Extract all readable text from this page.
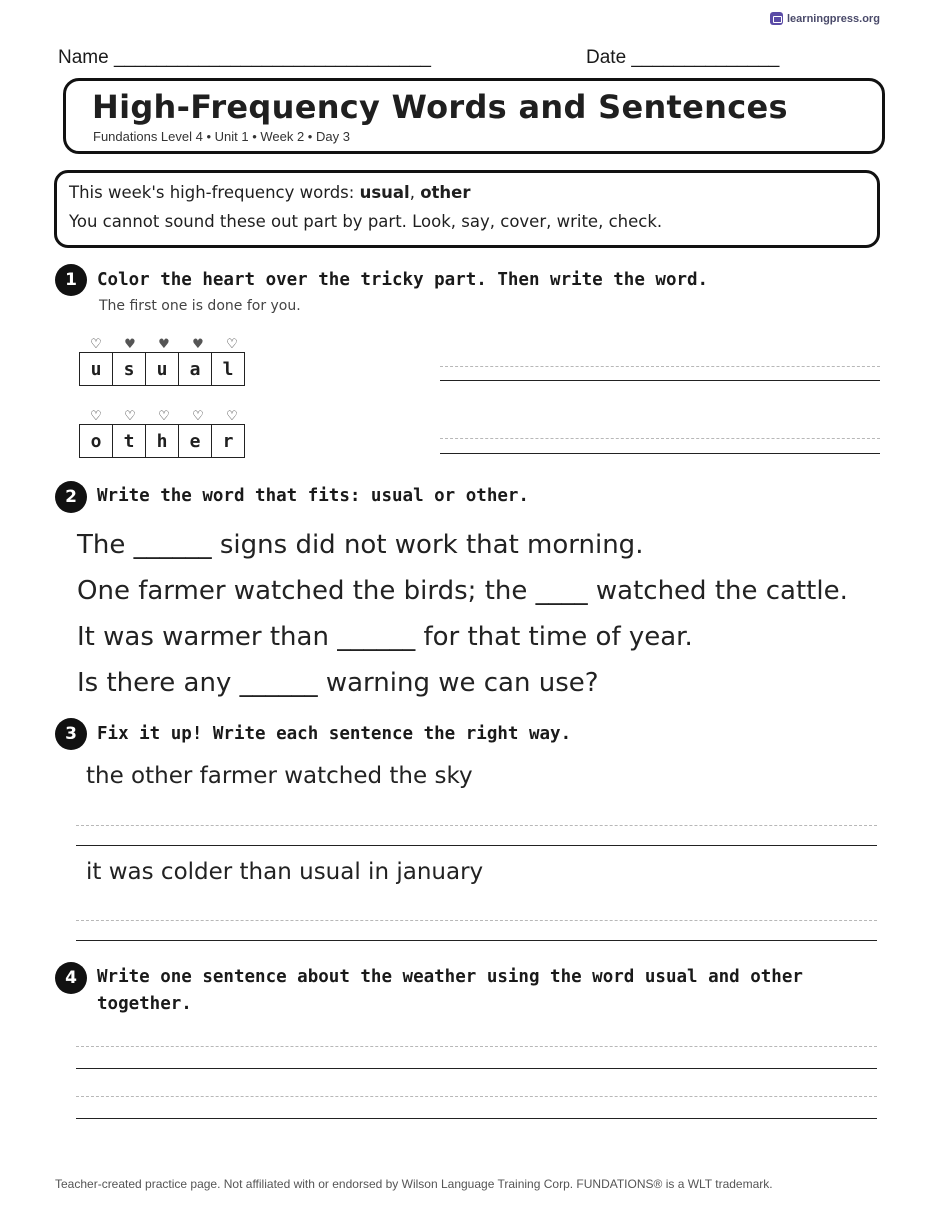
learningpress.org
Name ______________________________	Date ______________
High-Frequency Words and Sentences
Fundations Level 4 • Unit 1 • Week 2 • Day 3
This week's high-frequency words: usual, other
You cannot sound these out part by part. Look, say, cover, write, check.
1	Color the heart over the tricky part. Then write the word.
The first one is done for you.
♡	♥	♥	♥	♡
u	s	u	a	l
♡	♡	♡	♡	♡
o	t	h	e	r
2	Write the word that fits: usual or other.
The ______ signs did not work that morning.
One farmer watched the birds; the ____ watched the cattle.
It was warmer than ______ for that time of year.
Is there any ______ warning we can use?
3	Fix it up! Write each sentence the right way.
the other farmer watched the sky
it was colder than usual in january
4	Write one sentence about the weather using the word usual and other
together.
Teacher-created practice page. Not affiliated with or endorsed by Wilson Language Training Corp. FUNDATIONS® is a WLT trademark.
